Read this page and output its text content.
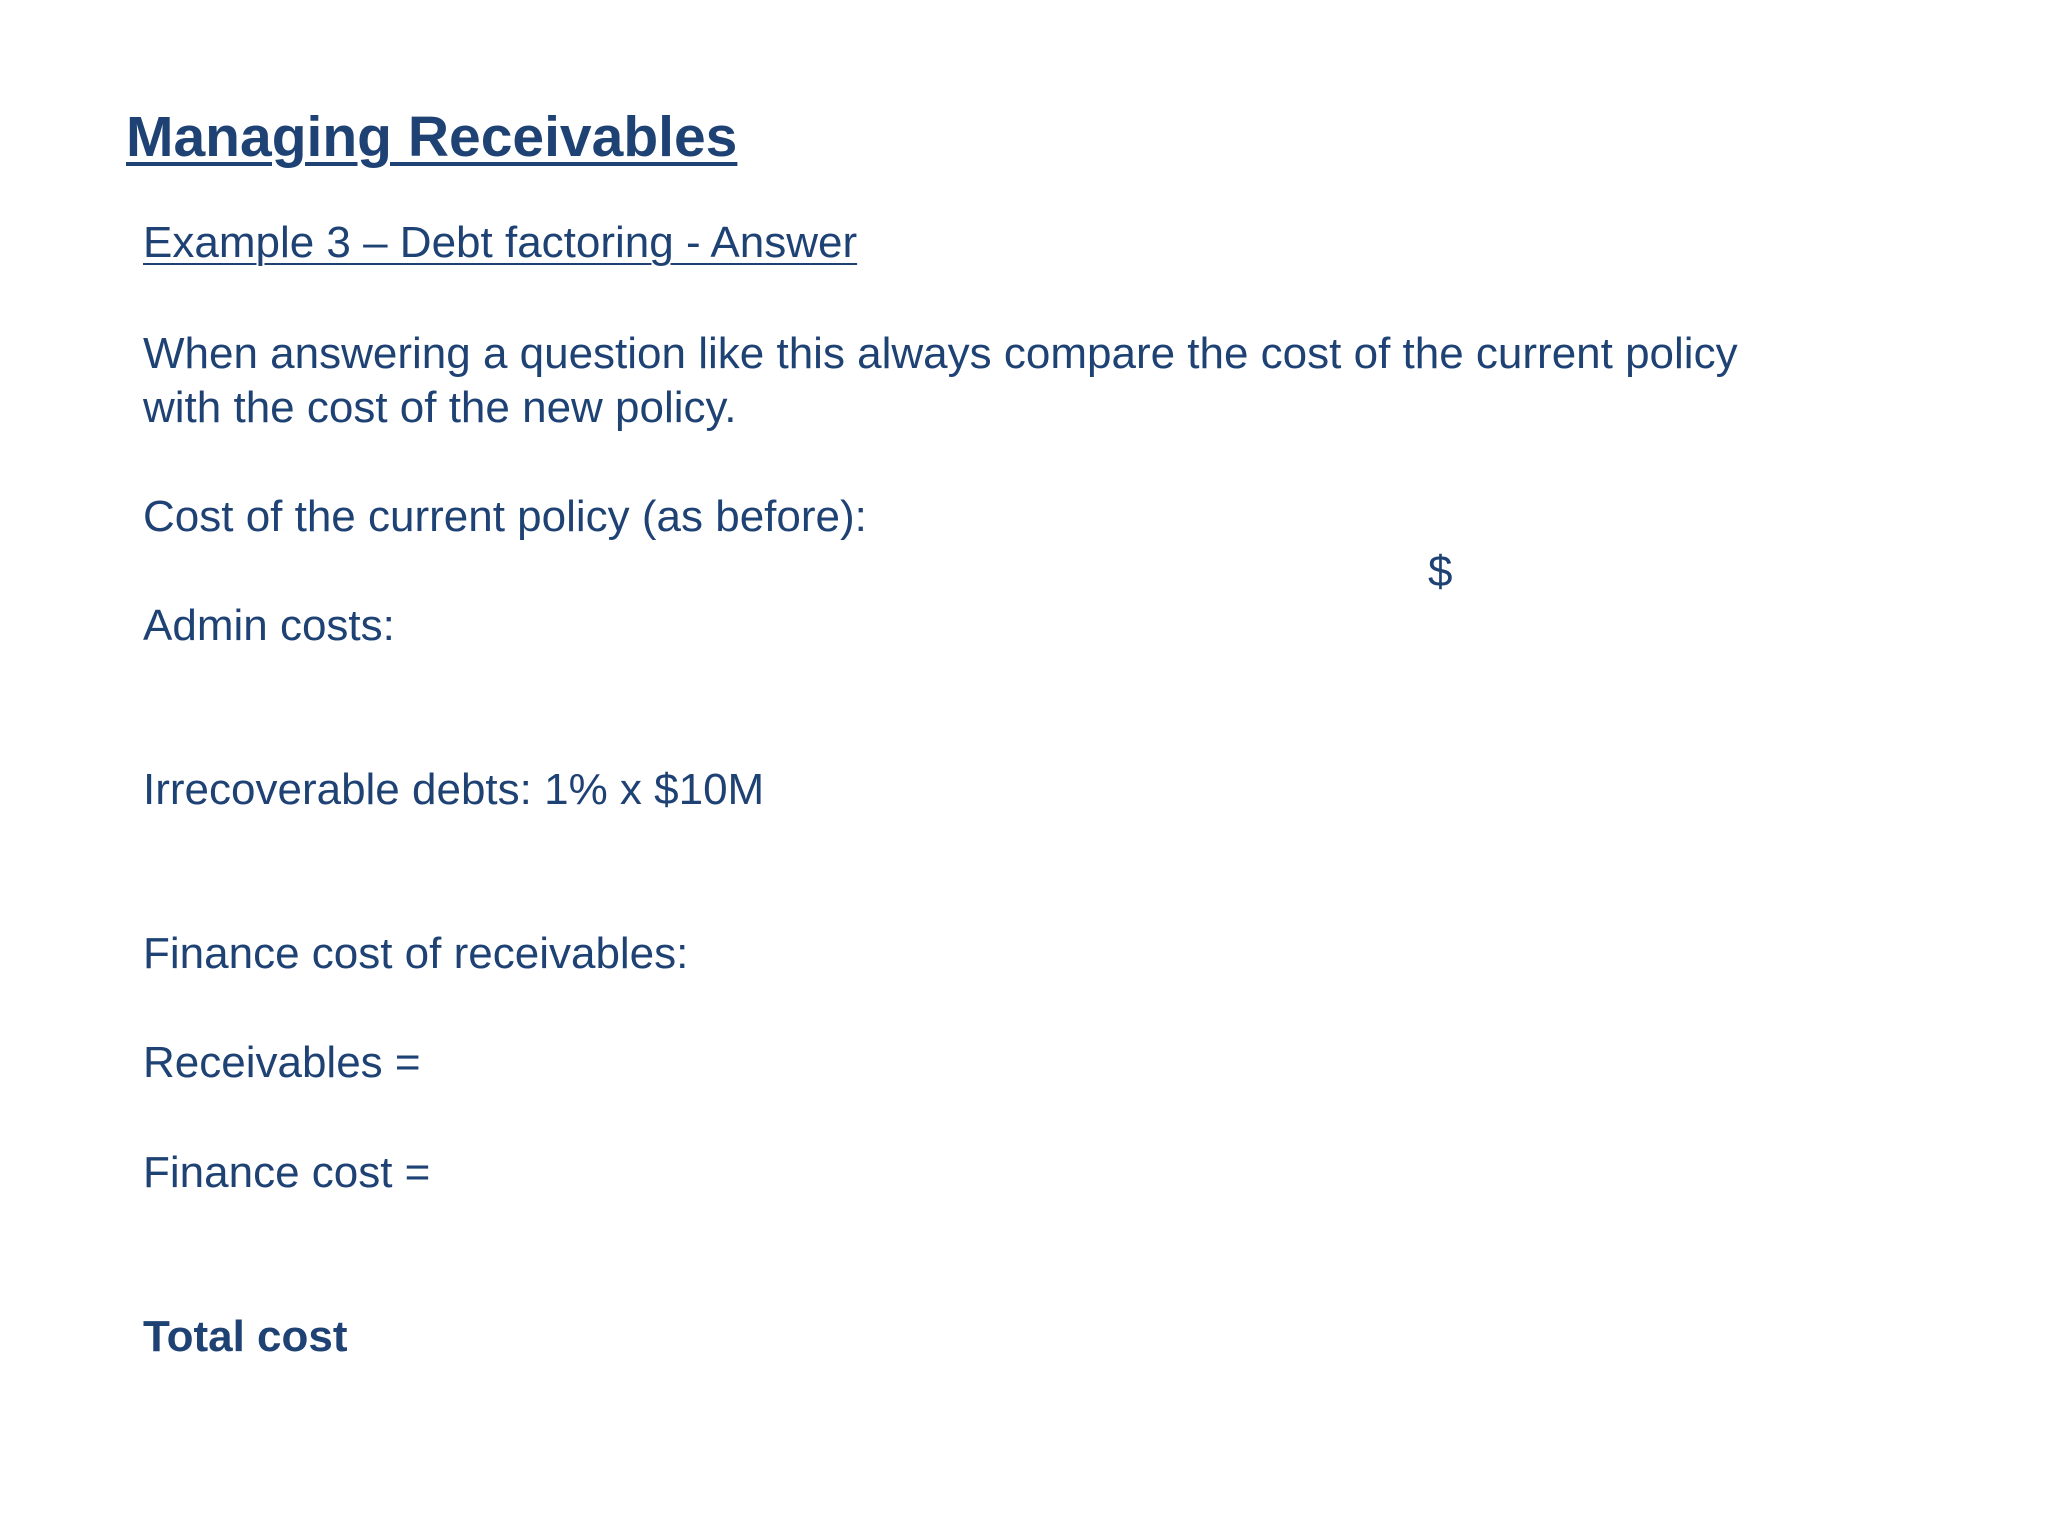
Managing Receivables
Example 3 – Debt factoring - Answer
When answering a question like this always compare the cost of the current policy
with the cost of the new policy.
Cost of the current policy (as before):
$
Admin costs:
Irrecoverable debts: 1% x $10M
Finance cost of receivables:
Receivables =
Finance cost =
Total cost
